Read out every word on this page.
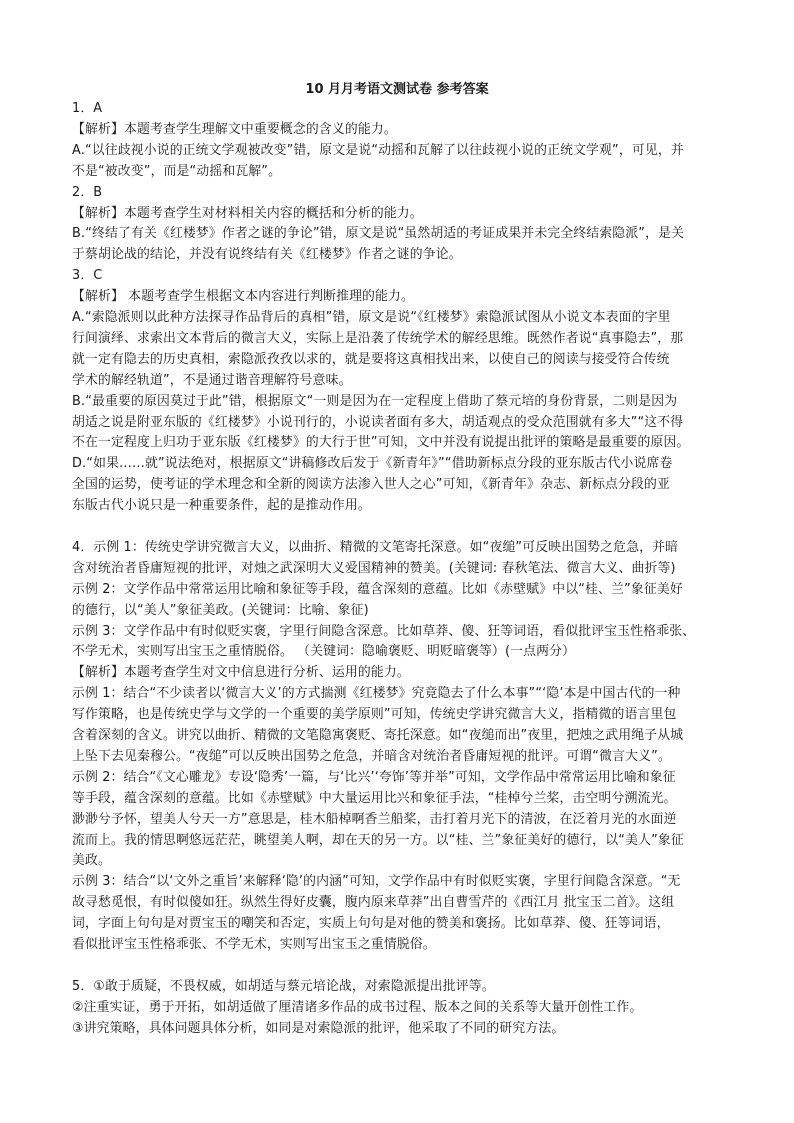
10 月月考语文测试卷 参考答案
1．A
【解析】本题考查学生理解文中重要概念的含义的能力。
A.“以往歧视小说的正统文学观被改变”错，原文是说“动摇和瓦解了以往歧视小说的正统文学观”，可见，并
不是“被改变”，而是“动摇和瓦解”。
2．B
【解析】本题考查学生对材料相关内容的概括和分析的能力。
B.“终结了有关《红楼梦》作者之谜的争论”错，原文是说“虽然胡适的考证成果并未完全终结索隐派”，是关
于蔡胡论战的结论，并没有说终结有关《红楼梦》作者之谜的争论。
3．C
【解析】 本题考查学生根据文本内容进行判断推理的能力。
A.“索隐派则以此种方法探寻作品背后的真相”错，原文是说“《红楼梦》索隐派试图从小说文本表面的字里
行间演绎、求索出文本背后的微言大义，实际上是沿袭了传统学术的解经思维。既然作者说“真事隐去”，那
就一定有隐去的历史真相，索隐派孜孜以求的，就是要将这真相找出来，以使自己的阅读与接受符合传统
学术的解经轨道”，不是通过谐音理解符号意味。
B.“最重要的原因莫过于此”错，根据原文“一则是因为在一定程度上借助了蔡元培的身份背景，二则是因为
胡适之说是附亚东版的《红楼梦》小说刊行的，小说读者面有多大，胡适观点的受众范围就有多大”“这不得
不在一定程度上归功于亚东版《红楼梦》的大行于世”可知，文中并没有说提出批评的策略是最重要的原因。
D.“如果……就”说法绝对，根据原文“讲稿修改后发于《新青年》”“借助新标点分段的亚东版古代小说席卷
全国的运势，使考证的学术理念和全新的阅读方法渗入世人之心”可知，《新青年》杂志、新标点分段的亚
东版古代小说只是一种重要条件，起的是推动作用。
4．示例 1：传统史学讲究微言大义，以曲折、精微的文笔寄托深意。如“夜缒”可反映出国势之危急，并暗
含对统治者昏庸短视的批评，对烛之武深明大义爱国精神的赞美。(关键词: 春秋笔法、微言大义、曲折等)
示例 2：文学作品中常常运用比喻和象征等手段，蕴含深刻的意蕴。比如《赤壁赋》中以“桂、兰”象征美好
的德行，以“美人”象征美政。(关键词：比喻、象征)
示例 3：文学作品中有时似贬实褒，字里行间隐含深意。比如草莽、傻、狂等词语，看似批评宝玉性格乖张、
不学无术，实则写出宝玉之重情脱俗。 （关键词：隐喻褒贬、明贬暗褒等）(一点两分）
【解析】本题考查学生对文中信息进行分析、运用的能力。
示例 1：结合“不少读者以‘微言大义’的方式揣测《红楼梦》究竟隐去了什么本事”“‘隐’本是中国古代的一种
写作策略，也是传统史学与文学的一个重要的美学原则”可知，传统史学讲究微言大义，指精微的语言里包
含着深刻的含义。讲究以曲折、精微的文笔隐寓褒贬、寄托深意。如“夜缒而出”夜里，把烛之武用绳子从城
上坠下去见秦穆公。“夜缒”可以反映出国势之危急，并暗含对统治者昏庸短视的批评。可谓“微言大义”。
示例 2：结合“《文心雕龙》专设‘隐秀’一篇，与‘比兴’‘夸饰’等并举”可知，文学作品中常常运用比喻和象征
等手段，蕴含深刻的意蕴。比如《赤壁赋》中大量运用比兴和象征手法，“桂棹兮兰桨，击空明兮溯流光。
渺渺兮予怀，望美人兮天一方”意思是，桂木船棹啊香兰船桨，击打着月光下的清波，在泛着月光的水面逆
流而上。我的情思啊悠远茫茫，眺望美人啊，却在天的另一方。以“桂、兰”象征美好的德行，以“美人”象征
美政。
示例 3：结合“以‘文外之重旨’来解释‘隐’的内涵”可知，文学作品中有时似贬实褒，字里行间隐含深意。“无
故寻愁觅恨，有时似傻如狂。纵然生得好皮囊，腹内原来草莽”出自曹雪芹的《西江月 批宝玉二首》。这组
词，字面上句句是对贾宝玉的嘲笑和否定，实质上句句是对他的赞美和褒扬。比如草莽、傻、狂等词语，
看似批评宝玉性格乖张、不学无术，实则写出宝玉之重情脱俗。
5．①敢于质疑，不畏权威，如胡适与蔡元培论战，对索隐派提出批评等。
②注重实证，勇于开拓，如胡适做了厘清诸多作品的成书过程、版本之间的关系等大量开创性工作。
③讲究策略，具体问题具体分析，如同是对索隐派的批评，他采取了不同的研究方法。
